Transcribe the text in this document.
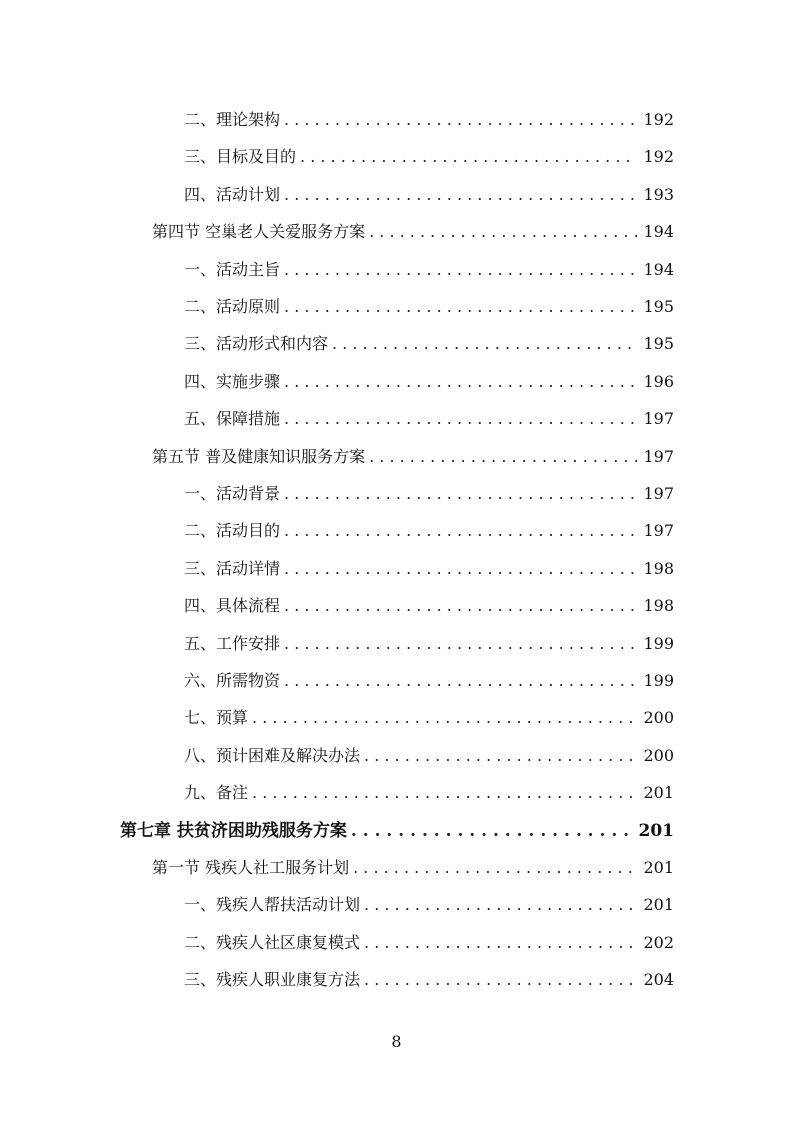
二、理论架构 . . .	192
三、目标及目的 . . .	192
四、活动计划 . . .	193
第四节 空巢老人关爱服务方案 . . .	194
一、活动主旨 . . .	194
二、活动原则 . . .	195
三、活动形式和内容 . . .	195
四、实施步骤 . . .	196
五、保障措施 . . .	197
第五节 普及健康知识服务方案 . . .	197
一、活动背景 . . .	197
二、活动目的 . . .	197
三、活动详情 . . .	198
四、具体流程 . . .	198
五、工作安排 . . .	199
六、所需物资 . . .	199
七、预算 . . .	200
八、预计困难及解决办法 . . .	200
九、备注 . . .	201
第七章 扶贫济困助残服务方案 . . .	201
第一节 残疾人社工服务计划 . . .	201
一、残疾人帮扶活动计划 . . .	201
二、残疾人社区康复模式 . . .	202
三、残疾人职业康复方法 . . .	204
8
